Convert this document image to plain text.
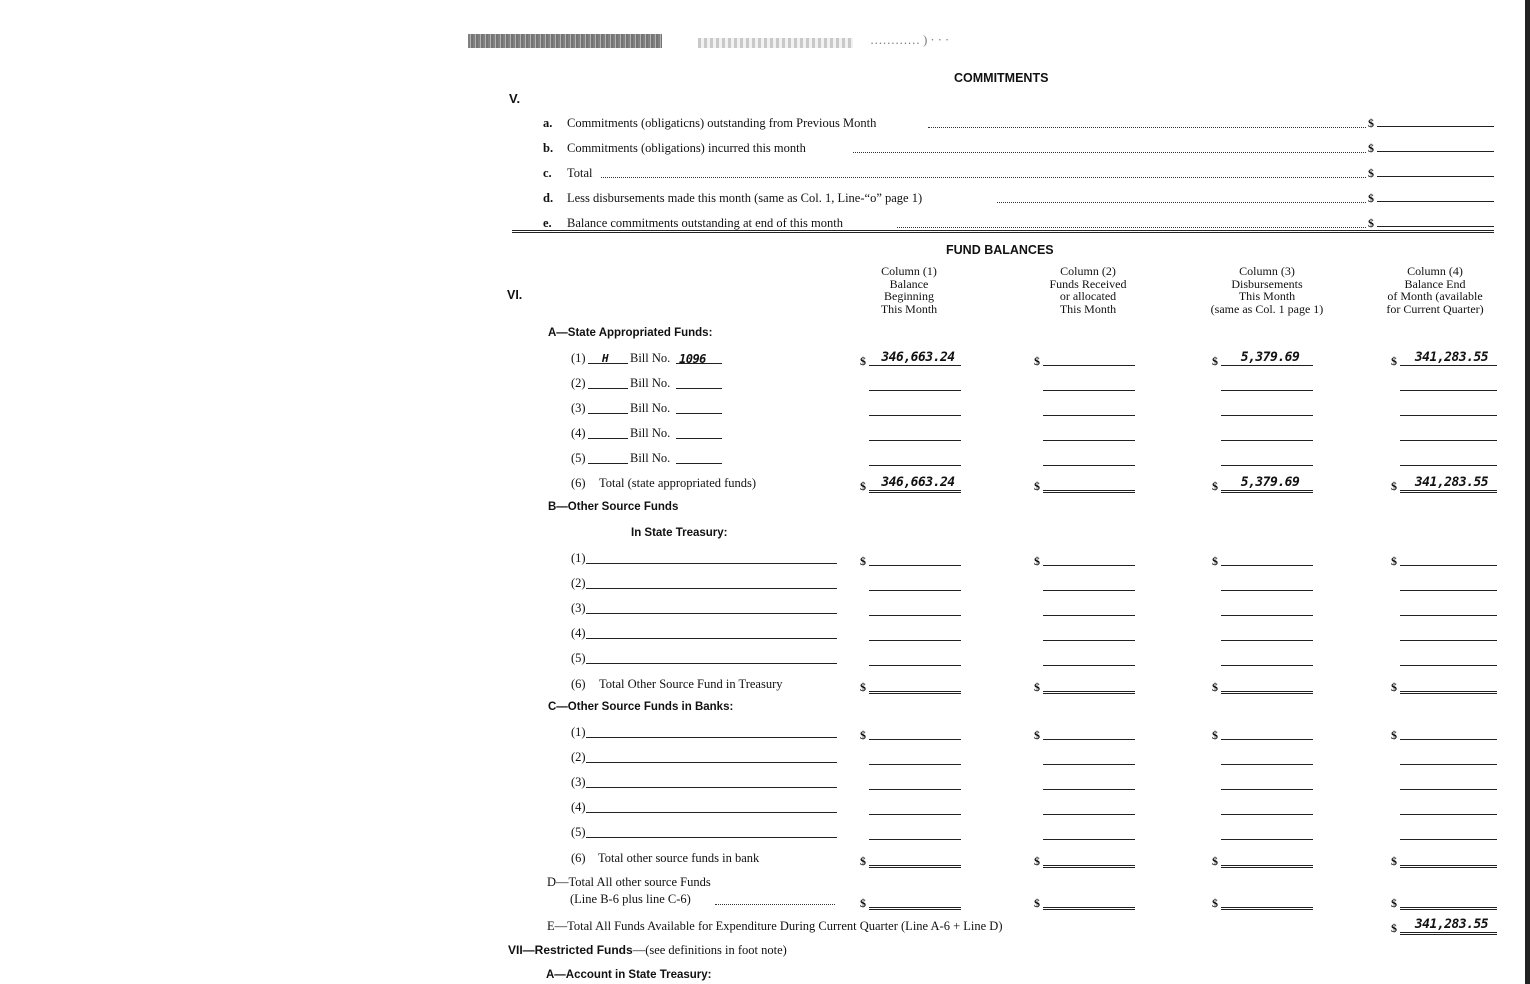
………… ) · · ·
COMMITMENTS
V.
a. Commitments (obligaticns) outstanding from Previous Month	$
b. Commitments (obligations) incurred this month	$
c. Total	$
d. Less disbursements made this month (same as Col. 1, Line-“o” page 1)	$
e. Balance commitments outstanding at end of this month	$
FUND BALANCES
VI.
Column (1)
Balance
Beginning
This Month
Column (2)
Funds Received
or allocated
This Month
Column (3)
Disbursements
This Month
(same as Col. 1 page 1)
Column (4)
Balance End
of Month (available
for Current Quarter)
A—State Appropriated Funds:
(1) H Bill No. 1096	$	346,663.24	$	$	5,379.69	$	341,283.55
(2)	Bill No.
(3)	Bill No.
(4)	Bill No.
(5)	Bill No.
(6) Total (state appropriated funds)	$	346,663.24	$	$	5,379.69	$	341,283.55
B—Other Source Funds
In State Treasury:
(1)	$	$	$	$
(2)
(3)
(4)
(5)
(6) Total Other Source Fund in Treasury	$	$	$	$
C—Other Source Funds in Banks:
(1)	$	$	$	$
(2)
(3)
(4)
(5)
(6) Total other source funds in bank	$	$	$	$
D—Total All other source Funds
(Line B-6 plus line C-6)	$	$	$	$
E—Total All Funds Available for Expenditure During Current Quarter (Line A-6 + Line D)	$	341,283.55
VII—Restricted Funds—(see definitions in foot note)
A—Account in State Treasury:
